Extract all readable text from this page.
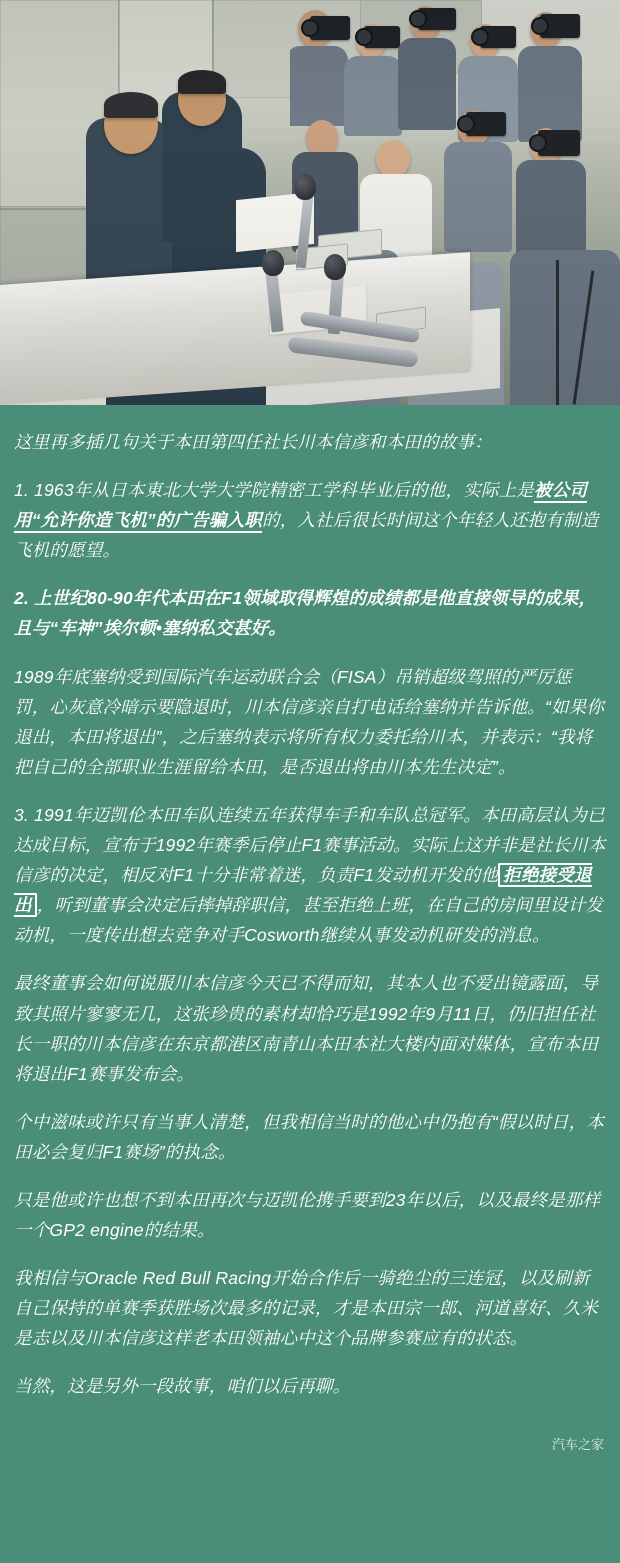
这里再多插几句关于本田第四任社长川本信彦和本田的故事：

1. 1963年从日本東北大学大学院精密工学科毕业后的他，实际上是被公司用“允许你造飞机”的广告骗入职的，入社后很长时间这个年轻人还抱有制造飞机的愿望。

2. 上世纪80-90年代本田在F1领域取得辉煌的成绩都是他直接领导的成果，且与“车神”埃尔顿•塞纳私交甚好。

1989年底塞纳受到国际汽车运动联合会（FISA）吊销超级驾照的严厉惩罚，心灰意冷暗示要隐退时，川本信彦亲自打电话给塞纳并告诉他。“如果你退出，本田将退出”，之后塞纳表示将所有权力委托给川本，并表示：“我将把自己的全部职业生涯留给本田，是否退出将由川本先生决定”。

3. 1991年迈凯伦本田车队连续五年获得车手和车队总冠军。本田高层认为已达成目标，宣布于1992年赛季后停止F1赛事活动。实际上这并非是社长川本信彦的决定，相反对F1十分非常着迷，负责F1发动机开发的他 拒绝接受退出 ，听到董事会决定后摔掉辞职信，甚至拒绝上班，在自己的房间里设计发动机，一度传出想去竞争对手Cosworth继续从事发动机研发的消息。

最终董事会如何说服川本信彦今天已不得而知，其本人也不爱出镜露面，导致其照片寥寥无几，这张珍贵的素材却恰巧是1992年9月11日，仍旧担任社长一职的川本信彦在东京都港区南青山本田本社大楼内面对媒体，宣布本田将退出F1赛事发布会。

个中滋味或许只有当事人清楚，但我相信当时的他心中仍抱有“假以时日，本田必会复归F1赛场”的执念。

只是他或许也想不到本田再次与迈凯伦携手要到23年以后，以及最终是那样一个GP2 engine的结果。

我相信与Oracle Red Bull Racing开始合作后一骑绝尘的三连冠，以及刷新自己保持的单赛季获胜场次最多的记录，才是本田宗一郎、河道喜好、久米是志以及川本信彦这样老本田领袖心中这个品牌参赛应有的状态。

当然，这是另外一段故事，咱们以后再聊。

汽车之家
